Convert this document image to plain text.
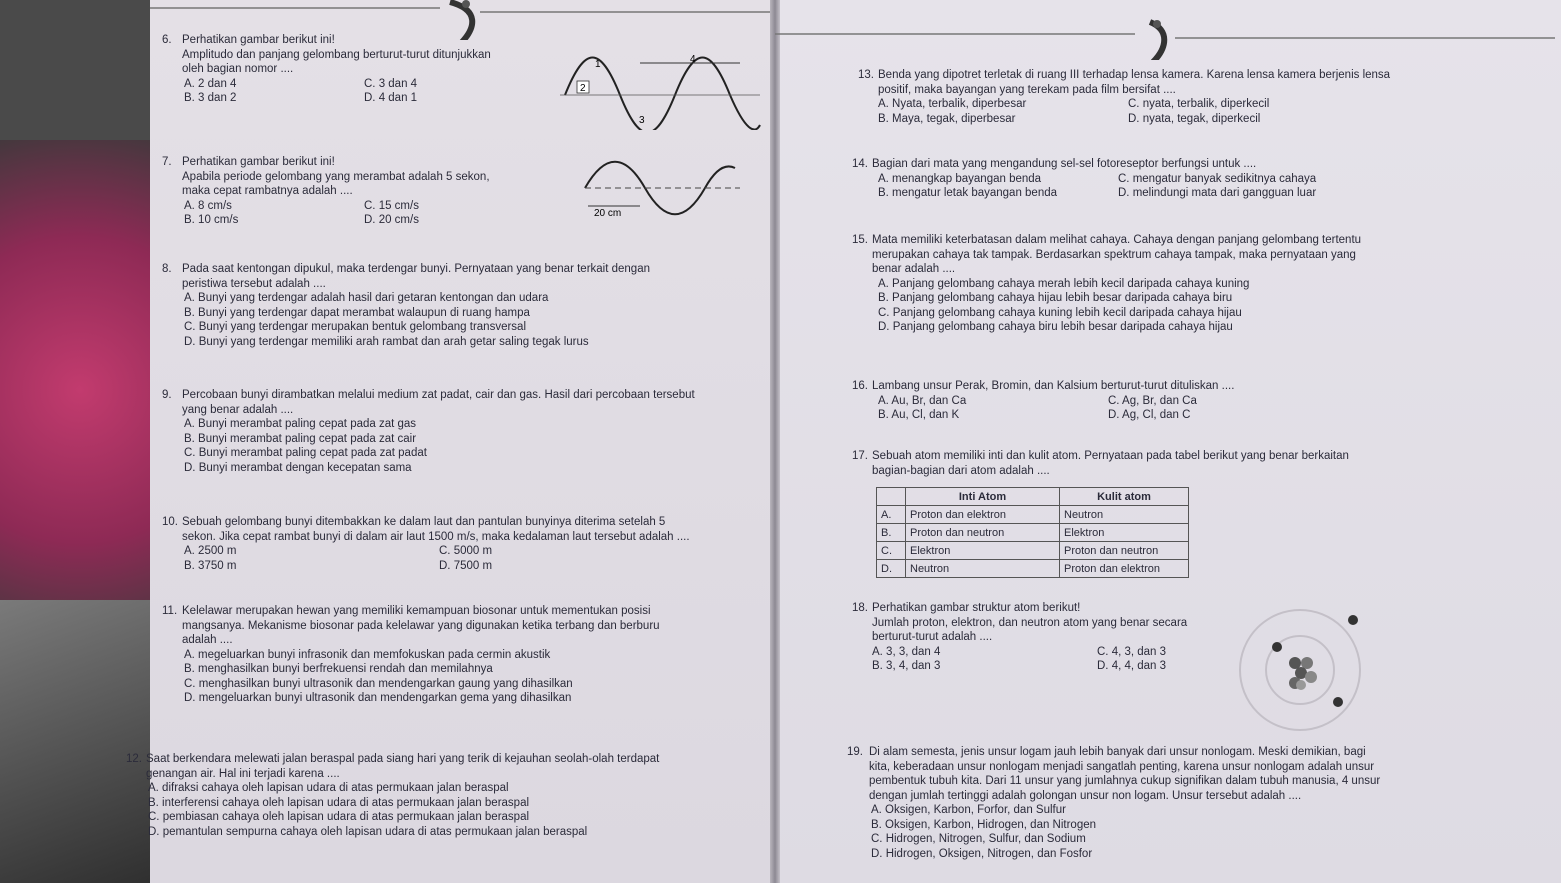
6. Perhatikan gambar berikut ini!
Amplitudo dan panjang gelombang berturut-turut ditunjukkan
oleh bagian nomor ....
A. 2 dan 4	C. 3 dan 4
B. 3 dan 2	D. 4 dan 1
2
1
3
4
7. Perhatikan gambar berikut ini!
Apabila periode gelombang yang merambat adalah 5 sekon,
maka cepat rambatnya adalah ....
A. 8 cm/s	C. 15 cm/s
B. 10 cm/s	D. 20 cm/s
20 cm
8. Pada saat kentongan dipukul, maka terdengar bunyi. Pernyataan yang benar terkait dengan
peristiwa tersebut adalah ....
A. Bunyi yang terdengar adalah hasil dari getaran kentongan dan udara
B. Bunyi yang terdengar dapat merambat walaupun di ruang hampa
C. Bunyi yang terdengar merupakan bentuk gelombang transversal
D. Bunyi yang terdengar memiliki arah rambat dan arah getar saling tegak lurus
9. Percobaan bunyi dirambatkan melalui medium zat padat, cair dan gas. Hasil dari percobaan tersebut
yang benar adalah ....
A. Bunyi merambat paling cepat pada zat gas
B. Bunyi merambat paling cepat pada zat cair
C. Bunyi merambat paling cepat pada zat padat
D. Bunyi merambat dengan kecepatan sama
10. Sebuah gelombang bunyi ditembakkan ke dalam laut dan pantulan bunyinya diterima setelah 5
sekon. Jika cepat rambat bunyi di dalam air laut 1500 m/s, maka kedalaman laut tersebut adalah ....
A. 2500 m	C. 5000 m
B. 3750 m	D. 7500 m
11. Kelelawar merupakan hewan yang memiliki kemampuan biosonar untuk mementukan posisi
mangsanya. Mekanisme biosonar pada kelelawar yang digunakan ketika terbang dan berburu
adalah ....
A. megeluarkan bunyi infrasonik dan memfokuskan pada cermin akustik
B. menghasilkan bunyi berfrekuensi rendah dan memilahnya
C. menghasilkan bunyi ultrasonik dan mendengarkan gaung yang dihasilkan
D. mengeluarkan bunyi ultrasonik dan mendengarkan gema yang dihasilkan
12. Saat berkendara melewati jalan beraspal pada siang hari yang terik di kejauhan seolah-olah terdapat
genangan air. Hal ini terjadi karena ....
A. difraksi cahaya oleh lapisan udara di atas permukaan jalan beraspal
B. interferensi cahaya oleh lapisan udara di atas permukaan jalan beraspal
C. pembiasan cahaya oleh lapisan udara di atas permukaan jalan beraspal
D. pemantulan sempurna cahaya oleh lapisan udara di atas permukaan jalan beraspal
13. Benda yang dipotret terletak di ruang III terhadap lensa kamera. Karena lensa kamera berjenis lensa
positif, maka bayangan yang terekam pada film bersifat ....
A. Nyata, terbalik, diperbesar	C. nyata, terbalik, diperkecil
B. Maya, tegak, diperbesar	D. nyata, tegak, diperkecil
14. Bagian dari mata yang mengandung sel-sel fotoreseptor berfungsi untuk ....
A. menangkap bayangan benda	C. mengatur banyak sedikitnya cahaya
B. mengatur letak bayangan benda	D. melindungi mata dari gangguan luar
15. Mata memiliki keterbatasan dalam melihat cahaya. Cahaya dengan panjang gelombang tertentu
merupakan cahaya tak tampak. Berdasarkan spektrum cahaya tampak, maka pernyataan yang
benar adalah ....
A. Panjang gelombang cahaya merah lebih kecil daripada cahaya kuning
B. Panjang gelombang cahaya hijau lebih besar daripada cahaya biru
C. Panjang gelombang cahaya kuning lebih kecil daripada cahaya hijau
D. Panjang gelombang cahaya biru lebih besar daripada cahaya hijau
16. Lambang unsur Perak, Bromin, dan Kalsium berturut-turut dituliskan ....
A. Au, Br, dan Ca	C. Ag, Br, dan Ca
B. Au, Cl, dan K	D. Ag, Cl, dan C
17. Sebuah atom memiliki inti dan kulit atom. Pernyataan pada tabel berikut yang benar berkaitan
bagian-bagian dari atom adalah ....
	Inti Atom	Kulit atom
A.	Proton dan elektron	Neutron
B.	Proton dan neutron	Elektron
C.	Elektron	Proton dan neutron
D.	Neutron	Proton dan elektron
18. Perhatikan gambar struktur atom berikut!
Jumlah proton, elektron, dan neutron atom yang benar secara
berturut-turut adalah ....
A. 3, 3, dan 4	C. 4, 3, dan 3
B. 3, 4, dan 3	D. 4, 4, dan 3
19. Di alam semesta, jenis unsur logam jauh lebih banyak dari unsur nonlogam. Meski demikian, bagi
kita, keberadaan unsur nonlogam menjadi sangatlah penting, karena unsur nonlogam adalah unsur
pembentuk tubuh kita. Dari 11 unsur yang jumlahnya cukup signifikan dalam tubuh manusia, 4 unsur
dengan jumlah tertinggi adalah golongan unsur non logam. Unsur tersebut adalah ....
A. Oksigen, Karbon, Forfor, dan Sulfur
B. Oksigen, Karbon, Hidrogen, dan Nitrogen
C. Hidrogen, Nitrogen, Sulfur, dan Sodium
D. Hidrogen, Oksigen, Nitrogen, dan Fosfor
